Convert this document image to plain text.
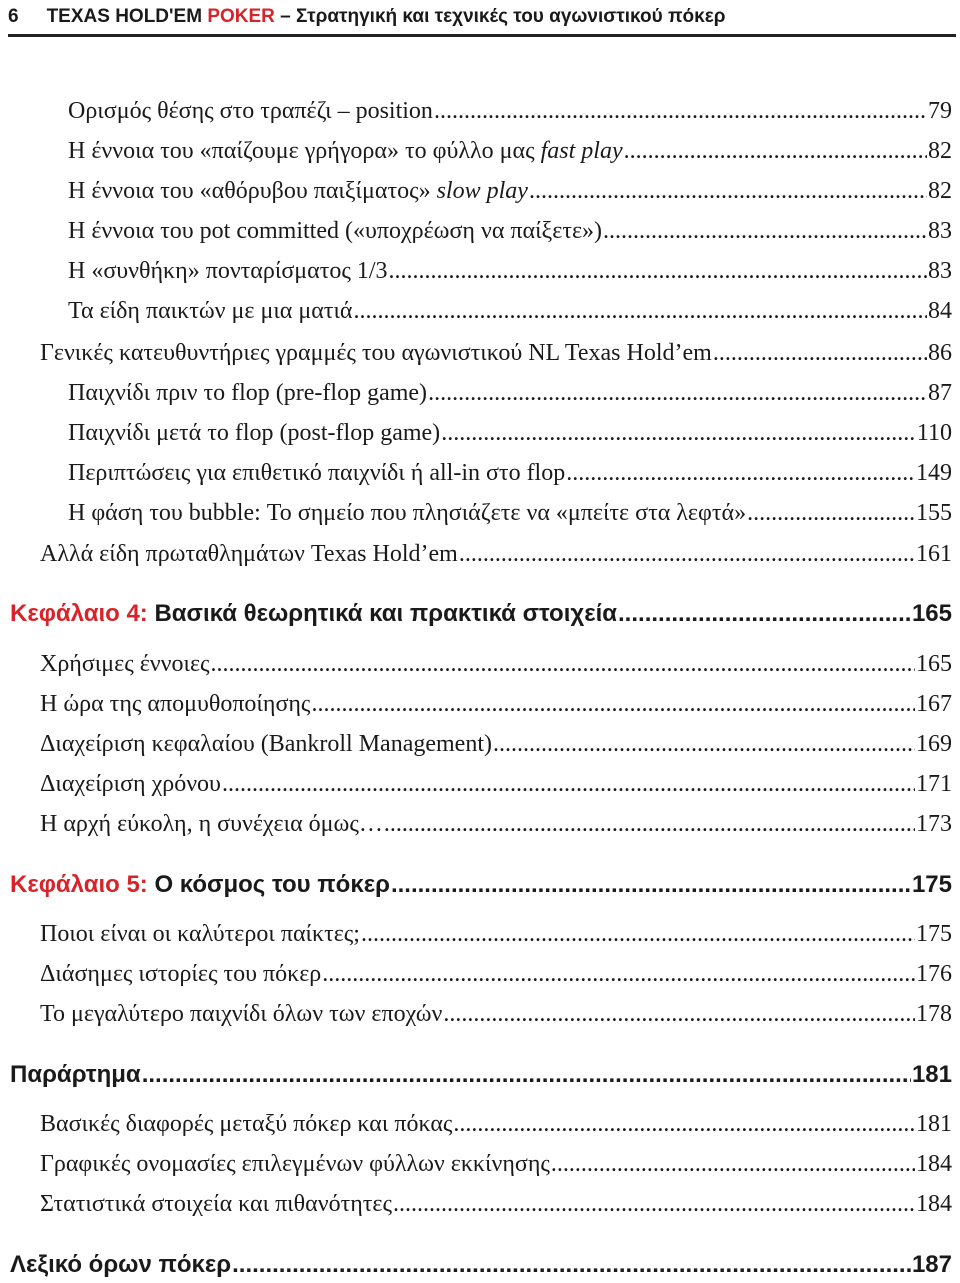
6 TEXAS HOLD'EM POKER – Στρατηγική και τεχνικές του αγωνιστικού πόκερ
Ορισμός θέσης στο τραπέζι – position .....	79
Η έννοια του «παίζουμε γρήγορα» το φύλλο μας fast play .....	82
Η έννοια του «αθόρυβου παιξίματος» slow play .....	82
Η έννοια του pot committed («υποχρέωση να παίξετε») .....	83
Η «συνθήκη» πονταρίσματος 1/3 .....	83
Τα είδη παικτών με μια ματιά .....	84
Γενικές κατευθυντήριες γραμμές του αγωνιστικού NL Texas Hold’em .....	86
Παιχνίδι πριν το flop (pre-flop game) .....	87
Παιχνίδι μετά το flop (post-flop game) .....	110
Περιπτώσεις για επιθετικό παιχνίδι ή all-in στο flop .....	149
Η φάση του bubble: Το σημείο που πλησιάζετε να «μπείτε στα λεφτά» .....	155
Αλλά είδη πρωταθλημάτων Texas Hold’em .....	161
Κεφάλαιο 4: Βασικά θεωρητικά και πρακτικά στοιχεία .....	165
Χρήσιμες έννοιες .....	165
Η ώρα της απομυθοποίησης .....	167
Διαχείριση κεφαλαίου (Bankroll Management) .....	169
Διαχείριση χρόνου .....	171
Η αρχή εύκολη, η συνέχεια όμως… .....	173
Κεφάλαιο 5: Ο κόσμος του πόκερ .....	175
Ποιοι είναι οι καλύτεροι παίκτες; .....	175
Διάσημες ιστορίες του πόκερ .....	176
Το μεγαλύτερο παιχνίδι όλων των εποχών .....	178
Παράρτημα .....	181
Βασικές διαφορές μεταξύ πόκερ και πόκας .....	181
Γραφικές ονομασίες επιλεγμένων φύλλων εκκίνησης .....	184
Στατιστικά στοιχεία και πιθανότητες .....	184
Λεξικό όρων πόκερ .....	187
